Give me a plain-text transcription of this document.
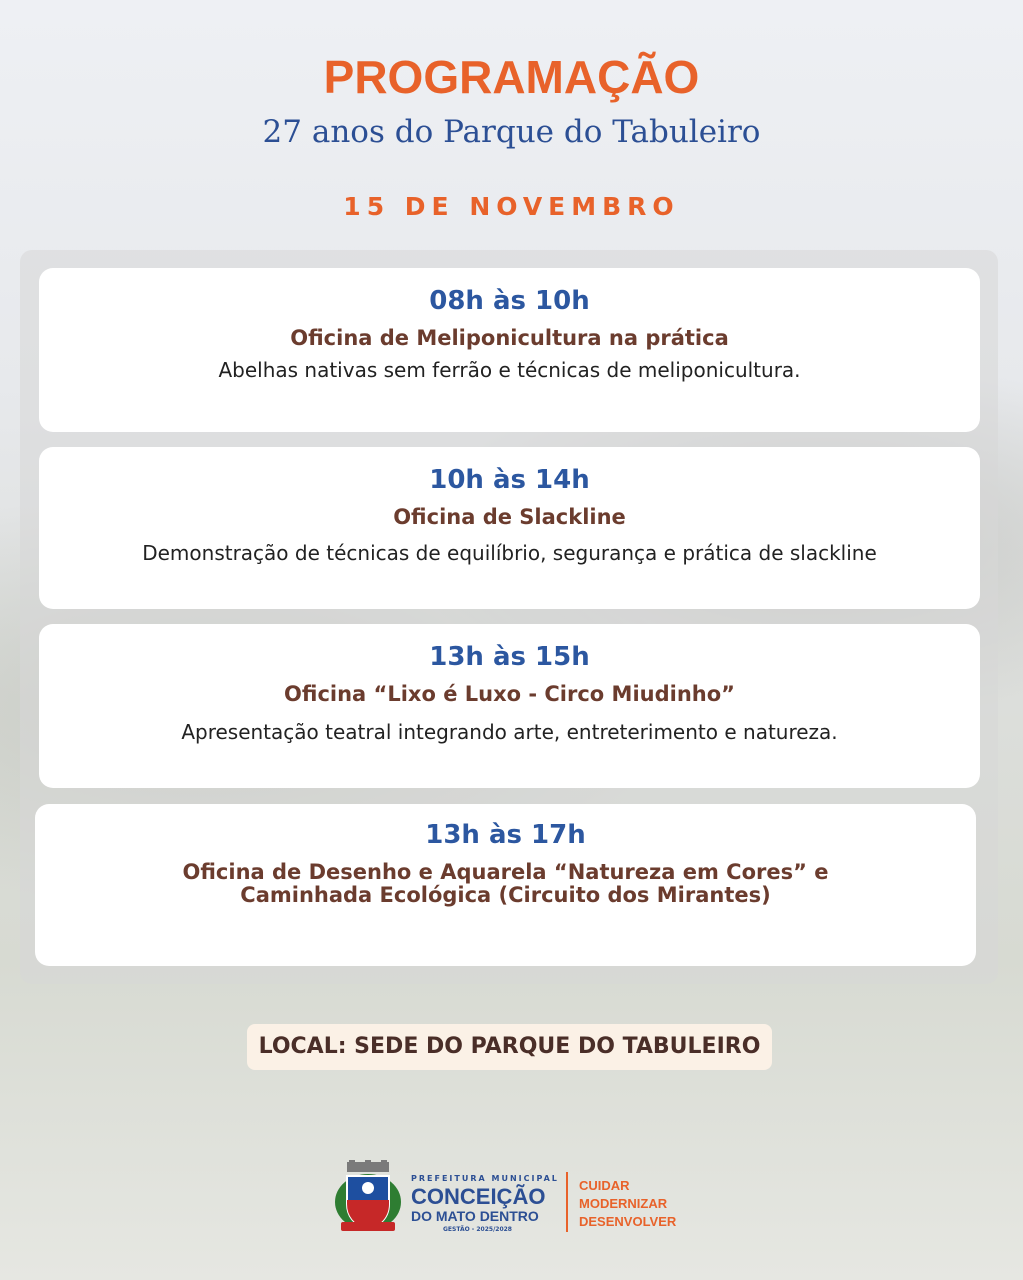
PROGRAMAÇÃO
27 anos do Parque do Tabuleiro
15 DE NOVEMBRO
08h às 10h
Oficina de Meliponicultura na prática
Abelhas nativas sem ferrão e técnicas de meliponicultura.
10h às 14h
Oficina de Slackline
Demonstração de técnicas de equilíbrio, segurança e prática de slackline
13h às 15h
Oficina “Lixo é Luxo - Circo Miudinho”
Apresentação teatral integrando arte, entreterimento e natureza.
13h às 17h
Oficina de Desenho e Aquarela “Natureza em Cores” e
Caminhada Ecológica (Circuito dos Mirantes)
LOCAL: SEDE DO PARQUE DO TABULEIRO
PREFEITURA MUNICIPAL
CONCEIÇÃO
DO MATO DENTRO
GESTÃO - 2025/2028
CUIDAR
MODERNIZAR
DESENVOLVER
